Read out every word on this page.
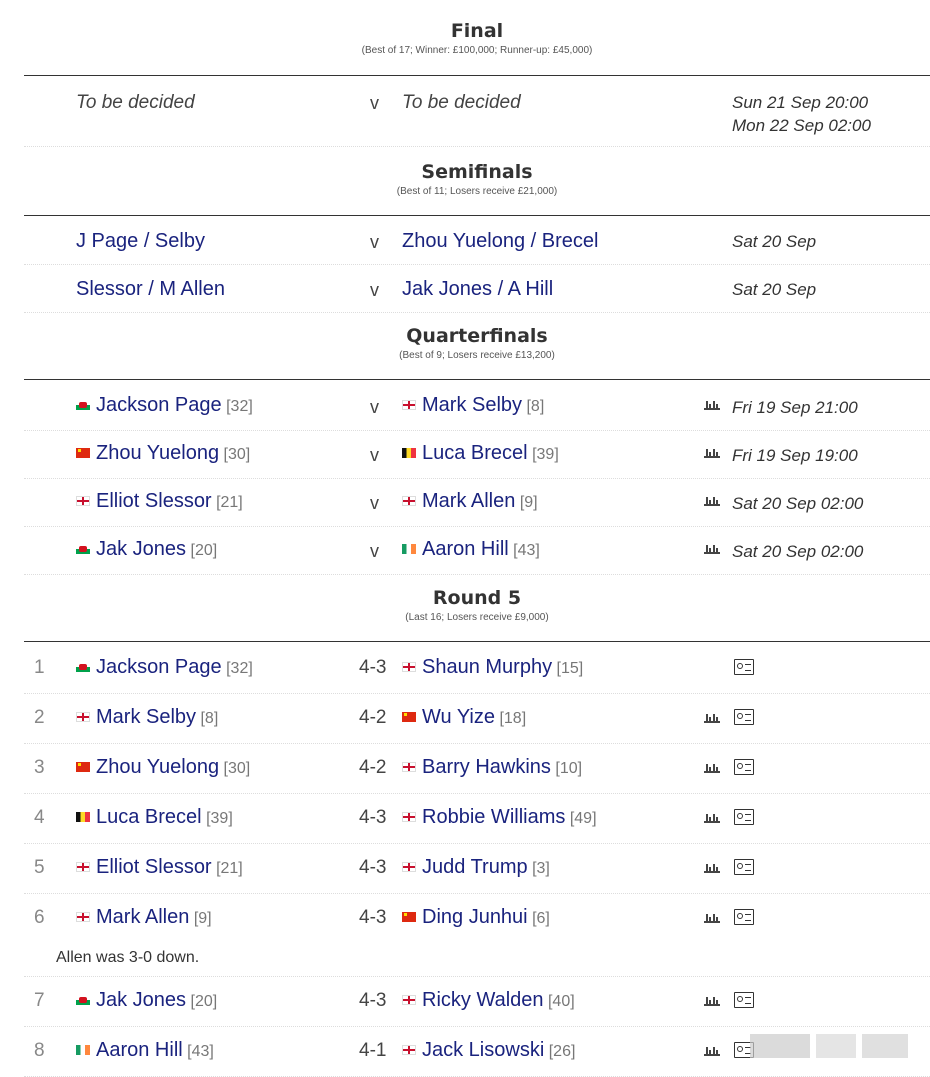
Final
(Best of 17; Winner: £100,000; Runner-up: £45,000)
To be decided	v To be decided	Sun 21 Sep 20:00
Mon 22 Sep 02:00
Semifinals
(Best of 11; Losers receive £21,000)
Quarterfinals
(Best of 9; Losers receive £13,200)
Round 5
(Last 16; Losers receive £9,000)
J Page / Selby	v Zhou Yuelong / Brecel	Sat 20 Sep
Slessor / M Allen	v Jak Jones / A Hill	Sat 20 Sep
Jackson Page [32]	v	Mark Selby [8]	Fri 19 Sep 21:00
Zhou Yuelong [30]	v	Luca Brecel [39]	Fri 19 Sep 19:00
Elliot Slessor [21]	v	Mark Allen [9]	Sat 20 Sep 02:00
Jak Jones [20]	v	Aaron Hill [43]	Sat 20 Sep 02:00
1	Jackson Page [32]	4-3	Shaun Murphy [15]
2	Mark Selby [8]	4-2	Wu Yize [18]
3	Zhou Yuelong [30]	4-2	Barry Hawkins [10]
4	Luca Brecel [39]	4-3	Robbie Williams [49]
5	Elliot Slessor [21]	4-3	Judd Trump [3]
6	Mark Allen [9]	4-3	Ding Junhui [6]
Allen was 3-0 down.
7	Jak Jones [20]	4-3	Ricky Walden [40]
8	Aaron Hill [43]	4-1	Jack Lisowski [26]
